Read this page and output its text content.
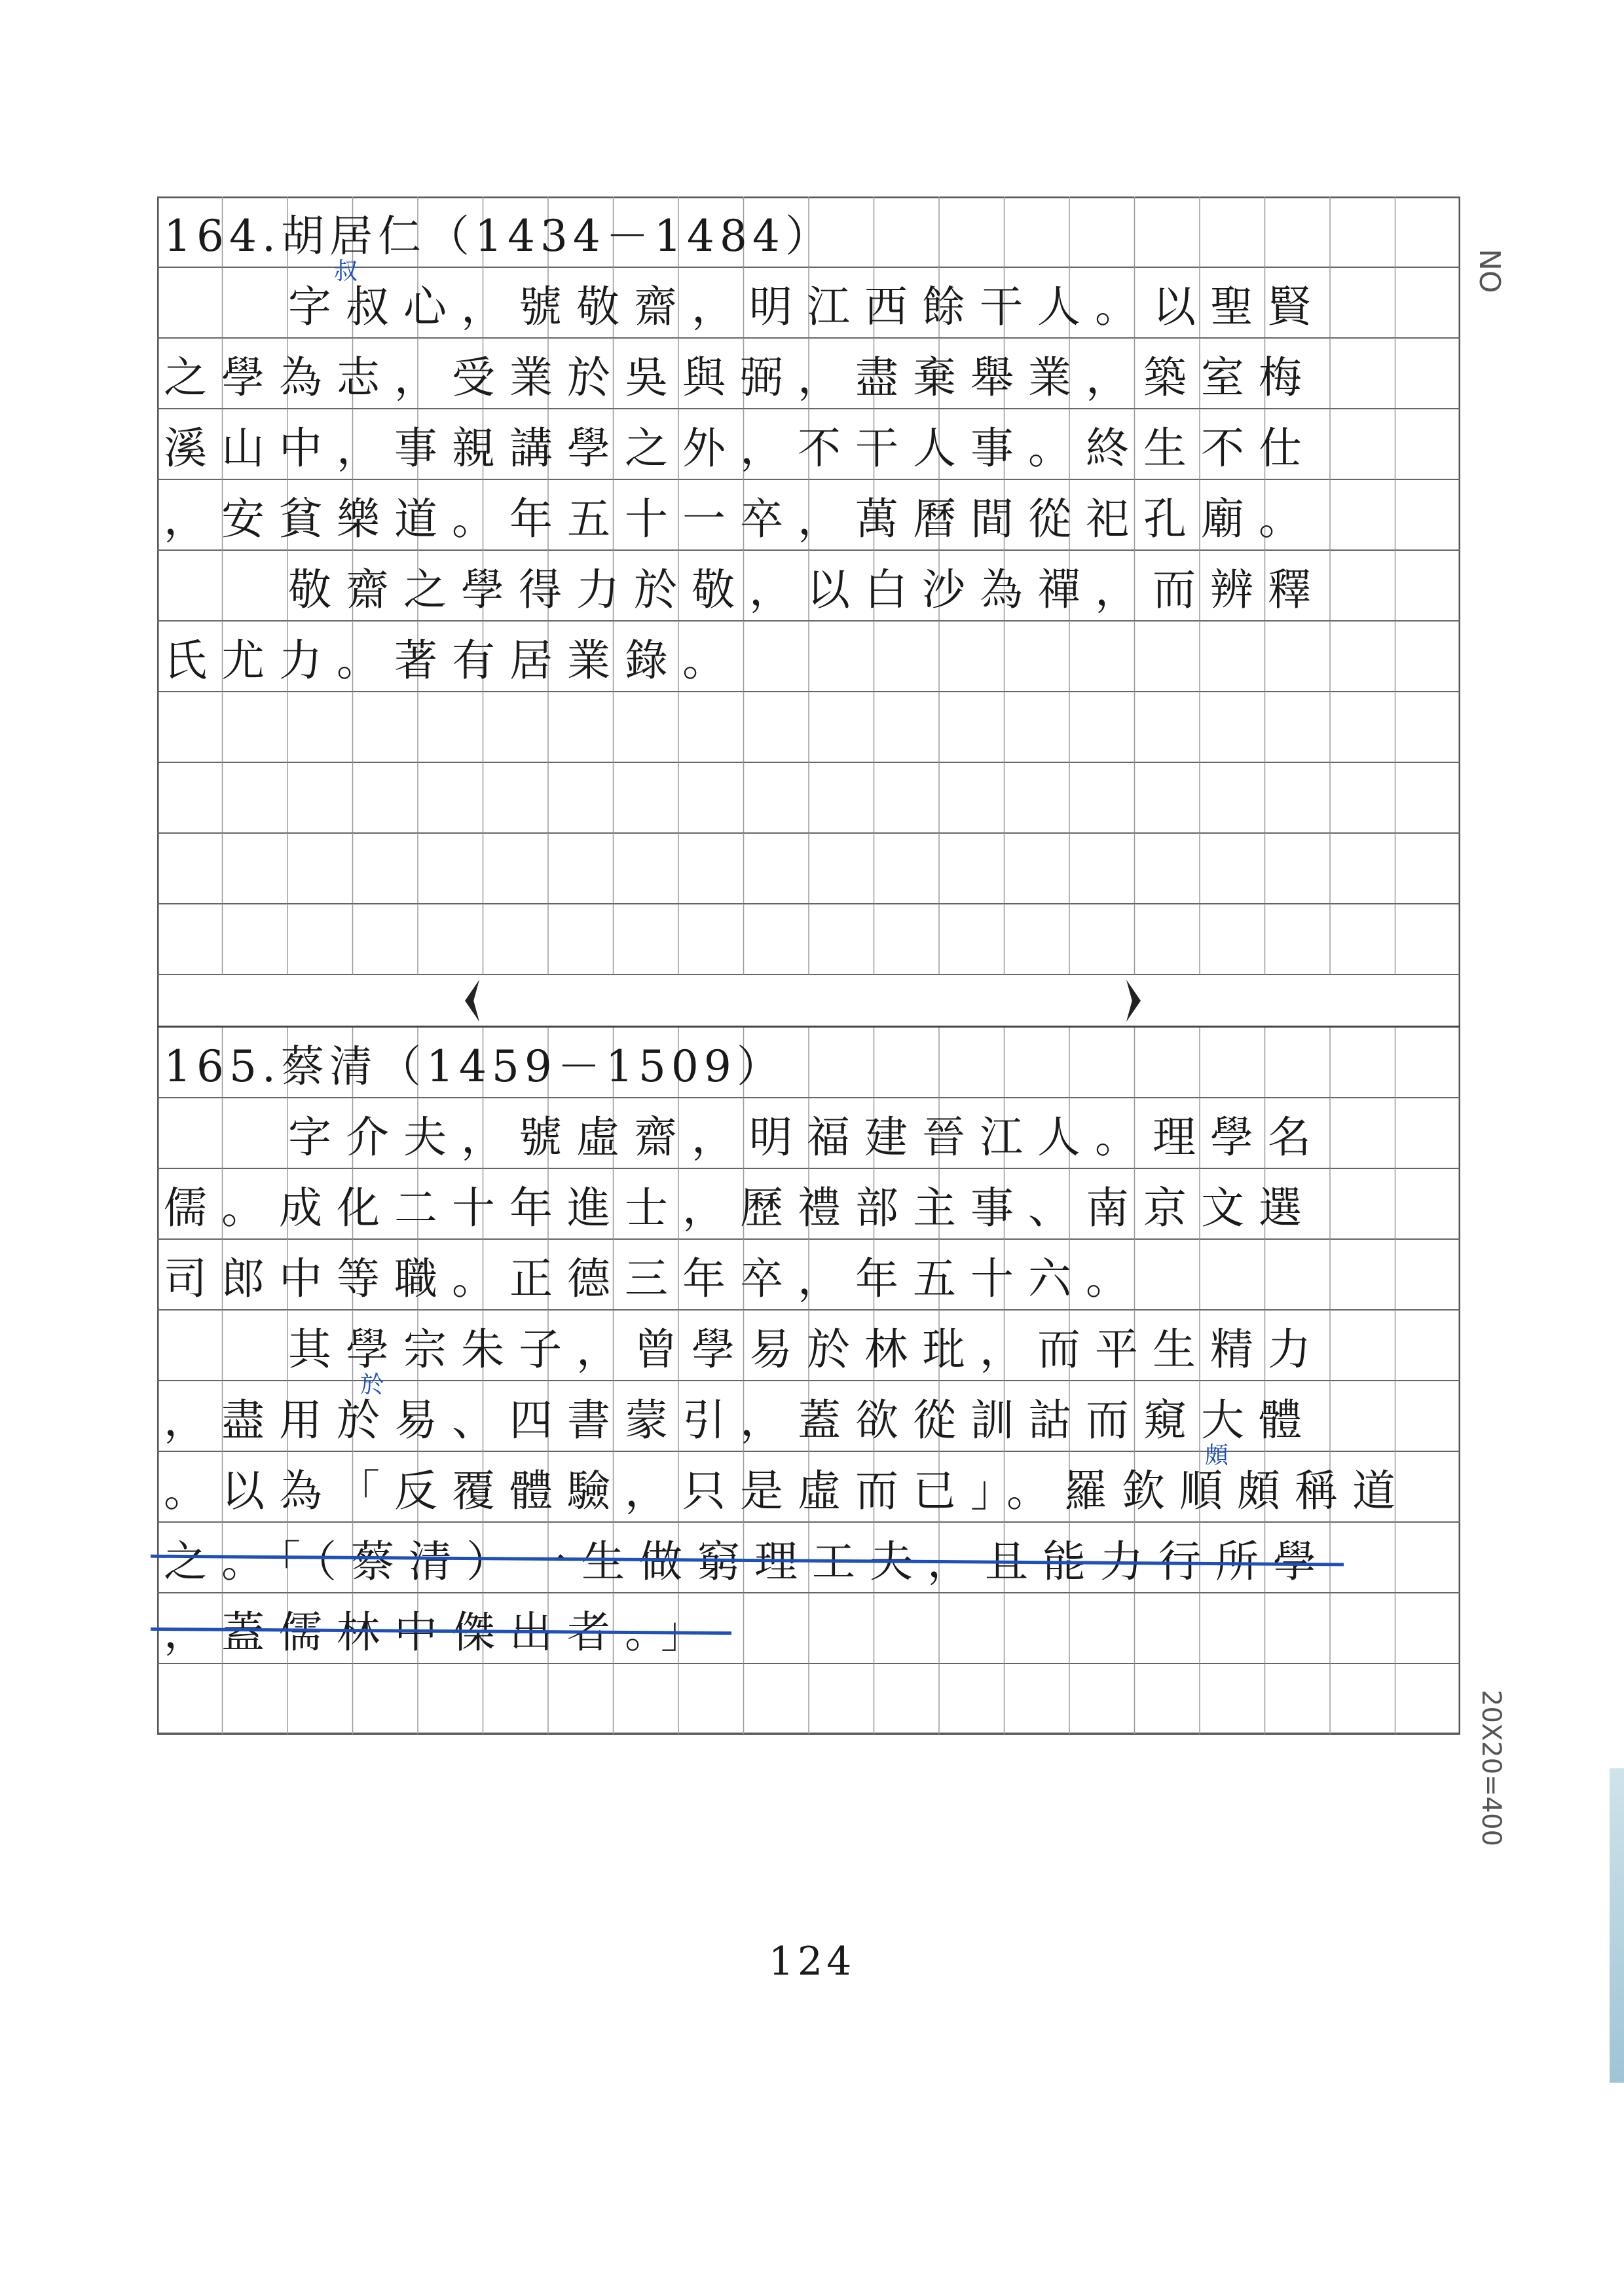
164.胡居仁（1434－1484）
字叔心，號敬齋，明江西餘干人。以聖賢
之學為志，受業於吳與弼，盡棄舉業，築室梅
溪山中，事親講學之外，不干人事。終生不仕
，安貧樂道。年五十一卒，萬曆間從祀孔廟。
敬齋之學得力於敬，以白沙為禪，而辨釋
氏尤力。著有居業錄。
165.蔡清（1459－1509）
字介夫，號虛齋，明福建晉江人。理學名
儒。成化二十年進士，歷禮部主事、南京文選
司郎中等職。正德三年卒，年五十六。
其學宗朱子，曾學易於林玭，而平生精力
，盡用於易、四書蒙引，蓋欲從訓詁而窺大體
。以為「反覆體驗，只是虛而已」。羅欽順頗稱道
之。「（蔡清）一生做窮理工夫，且能力行所學
，蓋儒林中傑出者。」
叔
於
頗
NO
20X20=400
124
